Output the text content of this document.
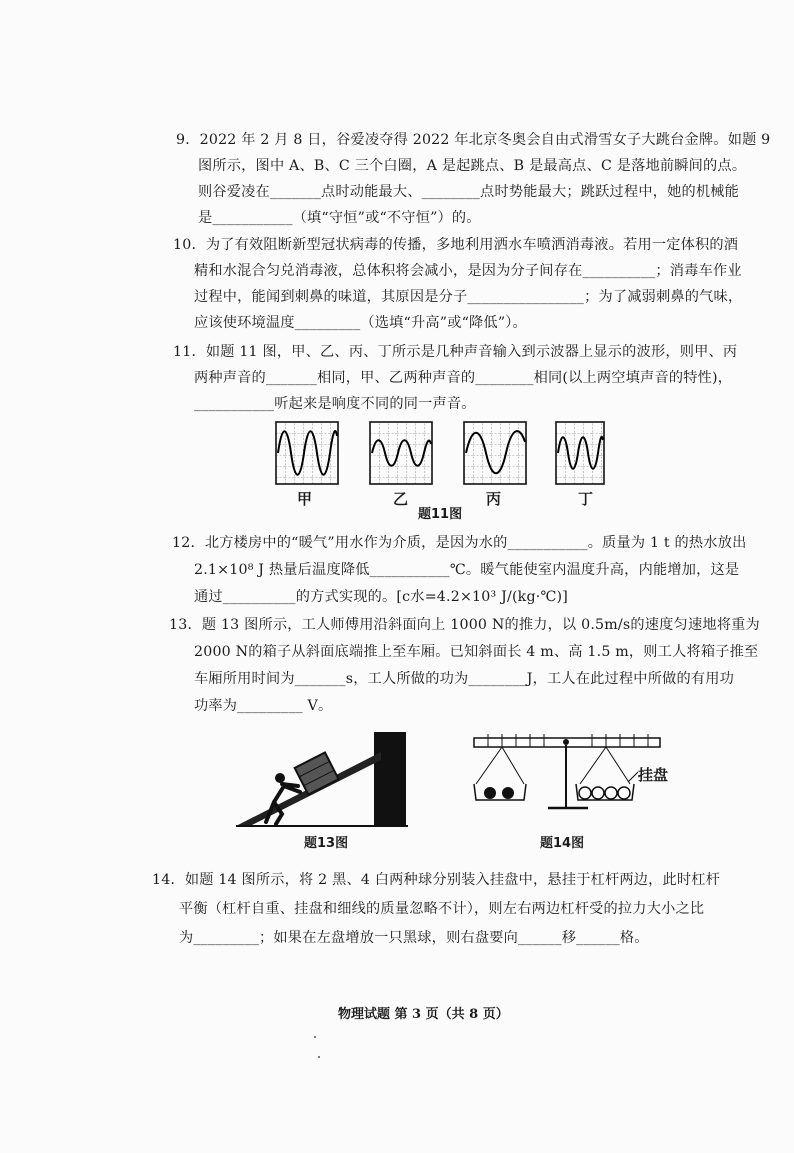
9．2022 年 2 月 8 日，谷爱凌夺得 2022 年北京冬奥会自由式滑雪女子大跳台金牌。如题 9
图所示，图中 A、B、C 三个白圈，A 是起跳点、B 是最高点、C 是落地前瞬间的点。
则谷爱凌在_______点时动能最大、________点时势能最大；跳跃过程中，她的机械能
是___________（填“守恒”或“不守恒”）的。
10．为了有效阻断新型冠状病毒的传播，多地利用洒水车喷洒消毒液。若用一定体积的酒
精和水混合匀兑消毒液，总体积将会减小，是因为分子间存在__________；消毒车作业
过程中，能闻到刺鼻的味道，其原因是分子________________；为了减弱刺鼻的气味，
应该使环境温度_________（选填“升高”或“降低”）。
11．如题 11 图，甲、乙、丙、丁所示是几种声音输入到示波器上显示的波形，则甲、丙
两种声音的_______相同，甲、乙两种声音的________相同(以上两空填声音的特性)，
___________听起来是响度不同的同一声音。
甲	乙	丙	丁
题11图
12．北方楼房中的“暖气”用水作为介质，是因为水的___________。质量为 1 t 的热水放出
2.1×10⁸ J 热量后温度降低___________℃。暖气能使室内温度升高，内能增加，这是
通过__________的方式实现的。[c水=4.2×10³ J/(kg·℃)]
13．题 13 图所示，工人师傅用沿斜面向上 1000 N的推力，以 0.5m/s的速度匀速地将重为
2000 N的箱子从斜面底端推上至车厢。已知斜面长 4 m、高 1.5 m，则工人将箱子推至
车厢所用时间为_______s，工人所做的功为________J，工人在此过程中所做的有用功
功率为_________ V。
题13图
挂盘
题14图
14．如题 14 图所示，将 2 黑、4 白两种球分别装入挂盘中，悬挂于杠杆两边，此时杠杆
平衡（杠杆自重、挂盘和细线的质量忽略不计），则左右两边杠杆受的拉力大小之比
为_________；如果在左盘增放一只黑球，则右盘要向______移______格。
物理试题 第 3 页（共 8 页）
